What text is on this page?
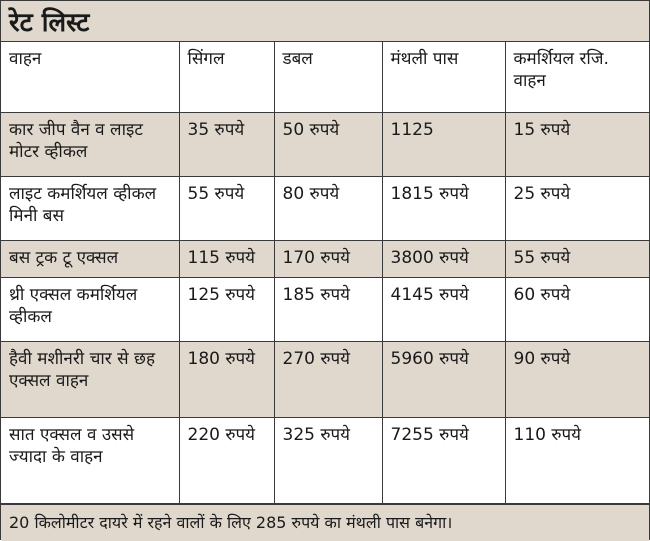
रेट लिस्ट
वाहन	सिंगल	डबल	मंथली पास	कमर्शियल रजि. वाहन
कार जीप वैन व लाइट मोटर व्हीकल	35 रुपये	50 रुपये	1125	15 रुपये
लाइट कमर्शियल व्हीकल मिनी बस	55 रुपये	80 रुपये	1815 रुपये	25 रुपये
बस ट्रक टू एक्सल	115 रुपये	170 रुपये	3800 रुपये	55 रुपये
थ्री एक्सल कमर्शियल व्हीकल	125 रुपये	185 रुपये	4145 रुपये	60 रुपये
हैवी मशीनरी चार से छह एक्सल वाहन	180 रुपये	270 रुपये	5960 रुपये	90 रुपये
सात एक्सल व उससे ज्यादा के वाहन	220 रुपये	325 रुपये	7255 रुपये	110 रुपये
20 किलोमीटर दायरे में रहने वालों के लिए 285 रुपये का मंथली पास बनेगा।
